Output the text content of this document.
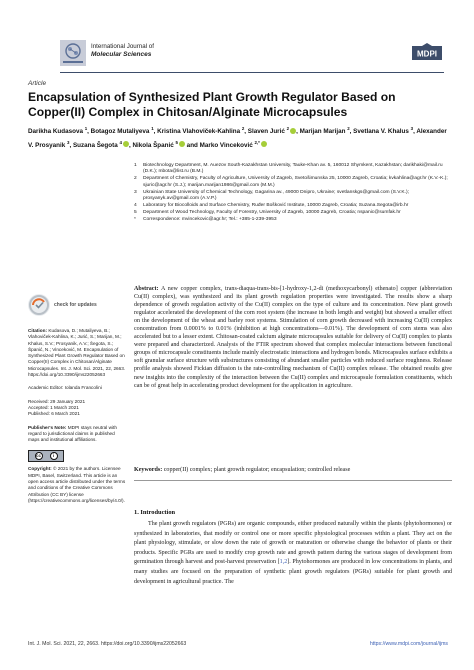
International Journal of
Molecular Sciences	MDPI
Article
Encapsulation of Synthesized Plant Growth Regulator Based on Copper(II) Complex in Chitosan/Alginate Microcapsules
Darikha Kudasova $^1$, Botagoz Mutaliyeva $^1$, Kristina Vlahoviček-Kahlina $^2$, Slaven Jurić $^2$ , Marijan Marijan $^2$, Svetlana V. Khalus $^3$, Alexander V. Prosyanik $^3$, Suzana Šegota $^4$ , Nikola Španić $^5$ and Marko Vinceković $^{2,*}$
1	Biotechnology Department, M. Auezov South-Kazakhstan University, Tauke-Khan av. 5, 160012 Shymkent, Kazakhstan; darikhaki@mail.ru (D.K.); mbota@list.ru (B.M.)
2	Department of Chemistry, Faculty of Agriculture, University of Zagreb, Svetošimunska 25, 10000 Zagreb, Croatia; kvkahlina@agr.hr (K.V.-K.); sjuric@agr.hr (S.J.); marijan.marijan1986@gmail.com (M.M.)
3	Ukrainian State University of Chemical Technology, Gagarina av., 49000 Dnipro, Ukraine; svetlanskgs@gmail.com (S.V.K.); prosyanyk.av@gmail.com (A.V.P.)
4	Laboratory for Biocolloids and Surface Chemistry, Ruđer Bošković Institute, 10000 Zagreb, Croatia; Suzana.Segota@irb.hr
5	Department of Wood Technology, Faculty of Forestry, University of Zagreb, 10000 Zagreb, Croatia; nspanic@sumfak.hr
*	Correspondence: mvincekovic@agr.hr; Tel.: +385-1-239-3953
check for updates
Citation: Kudasova, D.; Mutaliyeva, B.; Vlahoviček-Kahlina, K.; Jurić, S.; Marijan, M.; Khalus, S.V.; Prosyanik, A.V.; Šegota, S.; Španić, N.; Vinceković, M. Encapsulation of Synthesized Plant Growth Regulator Based on Copper(II) Complex in Chitosan/Alginate Microcapsules. Int. J. Mol. Sci. 2021, 22, 2663. https://doi.org/10.3390/ijms22052663
Academic Editor: Iolanda Francolini
Received: 29 January 2021
Accepted: 1 March 2021
Published: 6 March 2021
Publisher's Note: MDPI stays neutral with regard to jurisdictional claims in published maps and institutional affiliations.
cc	i
Copyright: © 2021 by the authors. Licensee MDPI, Basel, Switzerland. This article is an open access article distributed under the terms and conditions of the Creative Commons Attribution (CC BY) license (https://creativecommons.org/licenses/by/4.0/).
Abstract: A new copper complex, trans-diaqua-trans-bis-[1-hydroxy-1,2-di (methoxycarbonyl) ethenato] copper (abbreviation Cu(II) complex), was synthesized and its plant growth regulation properties were investigated. The results show a sharp dependence of growth regulation activity of the Cu(II) complex on the type of culture and its concentration. New plant growth regulator accelerated the development of the corn root system (the increase in both length and weight) but showed a smaller effect on the development of the wheat and barley root systems. Stimulation of corn growth decreased with increasing Cu(II) complex concentration from 0.0001% to 0.01% (inhibition at high concentrations—0.01%). The development of corn stems was also accelerated but to a lesser extent. Chitosan-coated calcium alginate microcapsules suitable for delivery of Cu(II) complex to plants were prepared and characterized. Analysis of the FTIR spectrum showed that complex molecular interactions between functional groups of microcapsule constituents include mainly electrostatic interactions and hydrogen bonds. Microcapsules surface exhibits a soft granular surface structure with substructures consisting of abundant smaller particles with reduced surface roughness. Release profile analysis showed Fickian diffusion is the rate-controlling mechanism of Cu(II) complex release. The obtained results give new insights into the complexity of the interaction between the Cu(II) complex and microcapsule formulation constituents, which can be of great help in accelerating product development for the application in agriculture.
Keywords: copper(II) complex; plant growth regulator; encapsulation; controlled release
1. Introduction
The plant growth regulators (PGRs) are organic compounds, either produced naturally within the plants (phytohormones) or synthesized in laboratories, that modify or control one or more specific physiological processes within a plant. They act on the plant physiology, stimulate, or slow down the rate of growth or maturation or otherwise change the behavior of plants or their products. Specific PGRs are used to modify crop growth rate and growth pattern during the various stages of development from germination through harvest and post-harvest preservation [1,2]. Phytohormones are produced in low concentrations in plants, and many studies are focused on the preparation of synthetic plant growth regulators (PGRs) suitable for plant growth and development in agricultural practice. The
Int. J. Mol. Sci. 2021, 22, 2663. https://doi.org/10.3390/ijms22052663	https://www.mdpi.com/journal/ijms
